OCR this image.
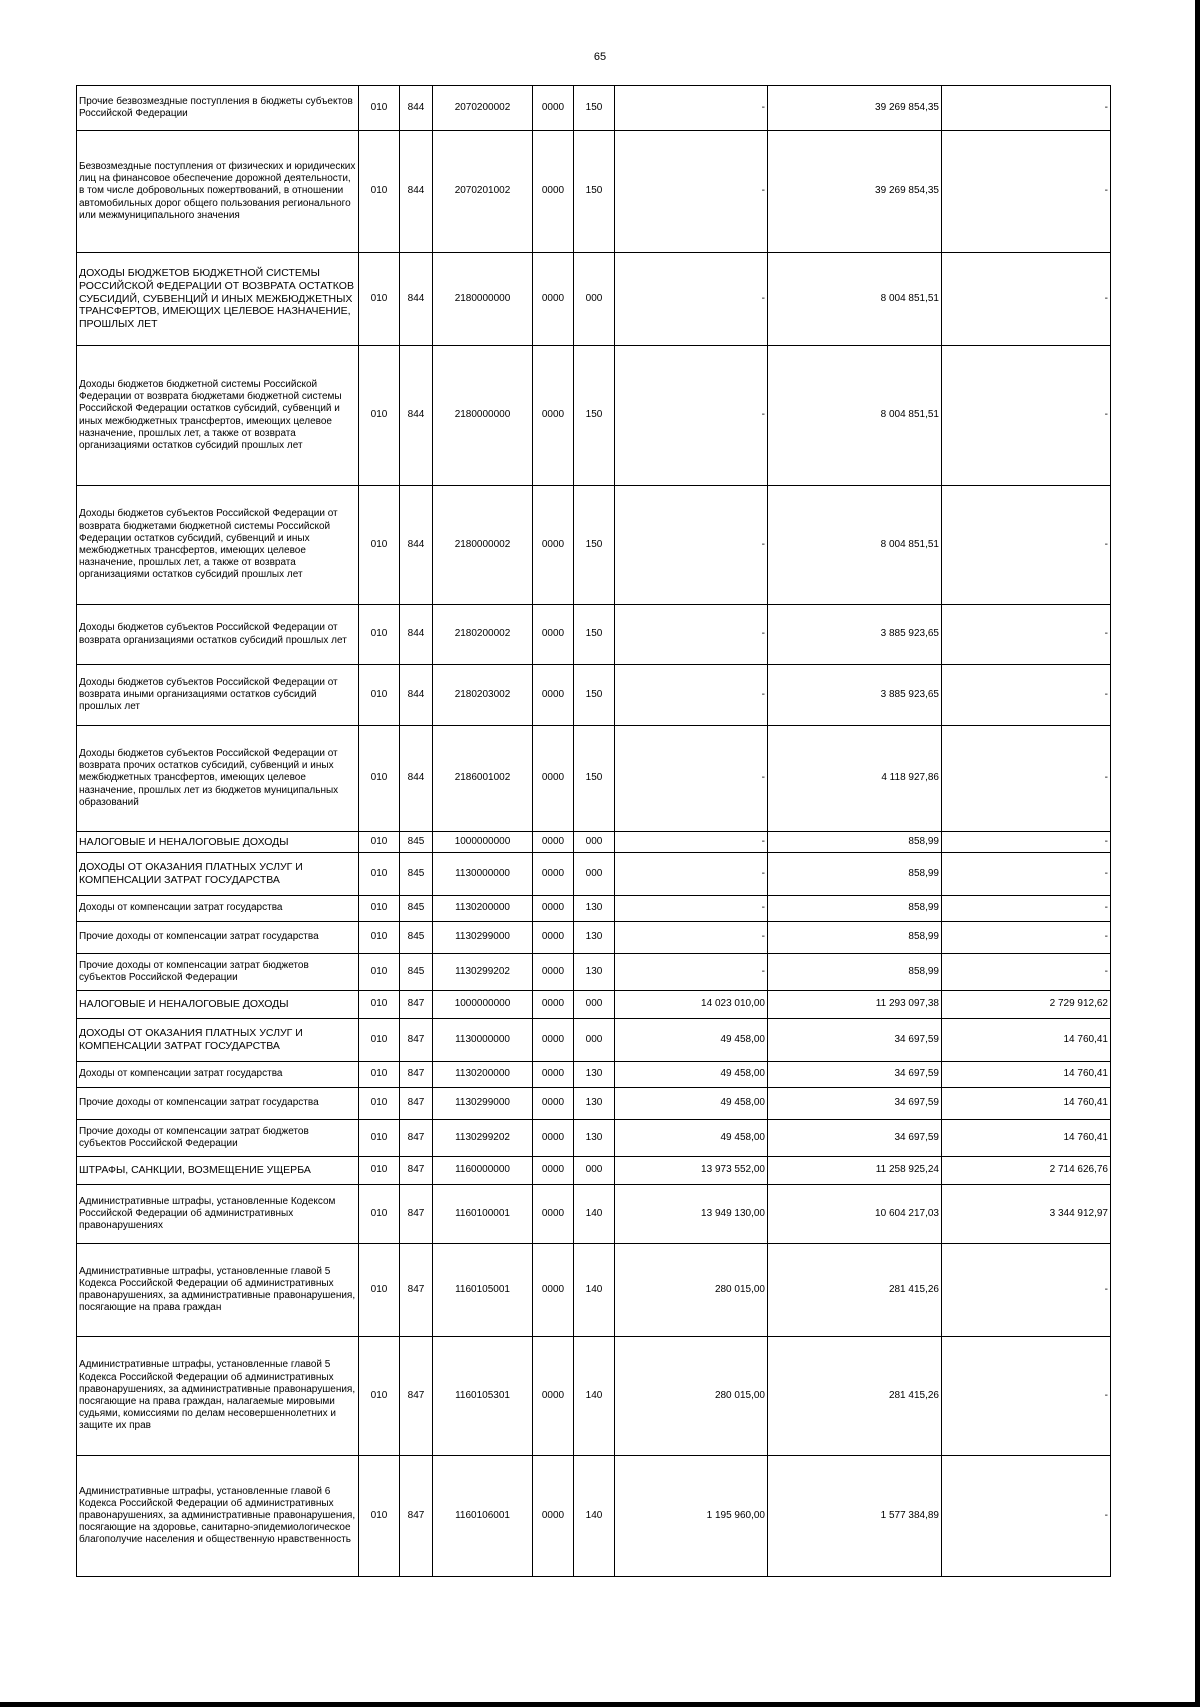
65
Прочие безвозмездные поступления в бюджеты субъектов Российской Федерации	010	844	2070200002	0000	150	-	39 269 854,35	-
Безвозмездные поступления от физических и юридических лиц на финансовое обеспечение дорожной деятельности, в том числе добровольных пожертвований, в отношении автомобильных дорог общего пользования регионального или межмуниципального значения	010	844	2070201002	0000	150	-	39 269 854,35	-
ДОХОДЫ БЮДЖЕТОВ БЮДЖЕТНОЙ СИСТЕМЫ РОССИЙСКОЙ ФЕДЕРАЦИИ ОТ ВОЗВРАТА ОСТАТКОВ СУБСИДИЙ, СУБВЕНЦИЙ И ИНЫХ МЕЖБЮДЖЕТНЫХ ТРАНСФЕРТОВ, ИМЕЮЩИХ ЦЕЛЕВОЕ НАЗНАЧЕНИЕ, ПРОШЛЫХ ЛЕТ	010	844	2180000000	0000	000	-	8 004 851,51	-
Доходы бюджетов бюджетной системы Российской Федерации от возврата бюджетами бюджетной системы Российской Федерации остатков субсидий, субвенций и иных межбюджетных трансфертов, имеющих целевое назначение, прошлых лет, а также от возврата организациями остатков субсидий прошлых лет	010	844	2180000000	0000	150	-	8 004 851,51	-
Доходы бюджетов субъектов Российской Федерации от возврата бюджетами бюджетной системы Российской Федерации остатков субсидий, субвенций и иных межбюджетных трансфертов, имеющих целевое назначение, прошлых лет, а также от возврата организациями остатков субсидий прошлых лет	010	844	2180000002	0000	150	-	8 004 851,51	-
Доходы бюджетов субъектов Российской Федерации от возврата организациями остатков субсидий прошлых лет	010	844	2180200002	0000	150	-	3 885 923,65	-
Доходы бюджетов субъектов Российской Федерации от возврата иными организациями остатков субсидий прошлых лет	010	844	2180203002	0000	150	-	3 885 923,65	-
Доходы бюджетов субъектов Российской Федерации от возврата прочих остатков субсидий, субвенций и иных межбюджетных трансфертов, имеющих целевое назначение, прошлых лет из бюджетов муниципальных образований	010	844	2186001002	0000	150	-	4 118 927,86	-
НАЛОГОВЫЕ И НЕНАЛОГОВЫЕ ДОХОДЫ	010	845	1000000000	0000	000	-	858,99	-
ДОХОДЫ ОТ ОКАЗАНИЯ ПЛАТНЫХ УСЛУГ И КОМПЕНСАЦИИ ЗАТРАТ ГОСУДАРСТВА	010	845	1130000000	0000	000	-	858,99	-
Доходы от компенсации затрат государства	010	845	1130200000	0000	130	-	858,99	-
Прочие доходы от компенсации затрат государства	010	845	1130299000	0000	130	-	858,99	-
Прочие доходы от компенсации затрат бюджетов субъектов Российской Федерации	010	845	1130299202	0000	130	-	858,99	-
НАЛОГОВЫЕ И НЕНАЛОГОВЫЕ ДОХОДЫ	010	847	1000000000	0000	000	14 023 010,00	11 293 097,38	2 729 912,62
ДОХОДЫ ОТ ОКАЗАНИЯ ПЛАТНЫХ УСЛУГ И КОМПЕНСАЦИИ ЗАТРАТ ГОСУДАРСТВА	010	847	1130000000	0000	000	49 458,00	34 697,59	14 760,41
Доходы от компенсации затрат государства	010	847	1130200000	0000	130	49 458,00	34 697,59	14 760,41
Прочие доходы от компенсации затрат государства	010	847	1130299000	0000	130	49 458,00	34 697,59	14 760,41
Прочие доходы от компенсации затрат бюджетов субъектов Российской Федерации	010	847	1130299202	0000	130	49 458,00	34 697,59	14 760,41
ШТРАФЫ, САНКЦИИ, ВОЗМЕЩЕНИЕ УЩЕРБА	010	847	1160000000	0000	000	13 973 552,00	11 258 925,24	2 714 626,76
Административные штрафы, установленные Кодексом Российской Федерации об административных правонарушениях	010	847	1160100001	0000	140	13 949 130,00	10 604 217,03	3 344 912,97
Административные штрафы, установленные главой 5 Кодекса Российской Федерации об административных правонарушениях, за административные правонарушения, посягающие на права граждан	010	847	1160105001	0000	140	280 015,00	281 415,26	-
Административные штрафы, установленные главой 5 Кодекса Российской Федерации об административных правонарушениях, за административные правонарушения, посягающие на права граждан, налагаемые мировыми судьями, комиссиями по делам несовершеннолетних и защите их прав	010	847	1160105301	0000	140	280 015,00	281 415,26	-
Административные штрафы, установленные главой 6 Кодекса Российской Федерации об административных правонарушениях, за административные правонарушения, посягающие на здоровье, санитарно-эпидемиологическое благополучие населения и общественную нравственность	010	847	1160106001	0000	140	1 195 960,00	1 577 384,89	-
